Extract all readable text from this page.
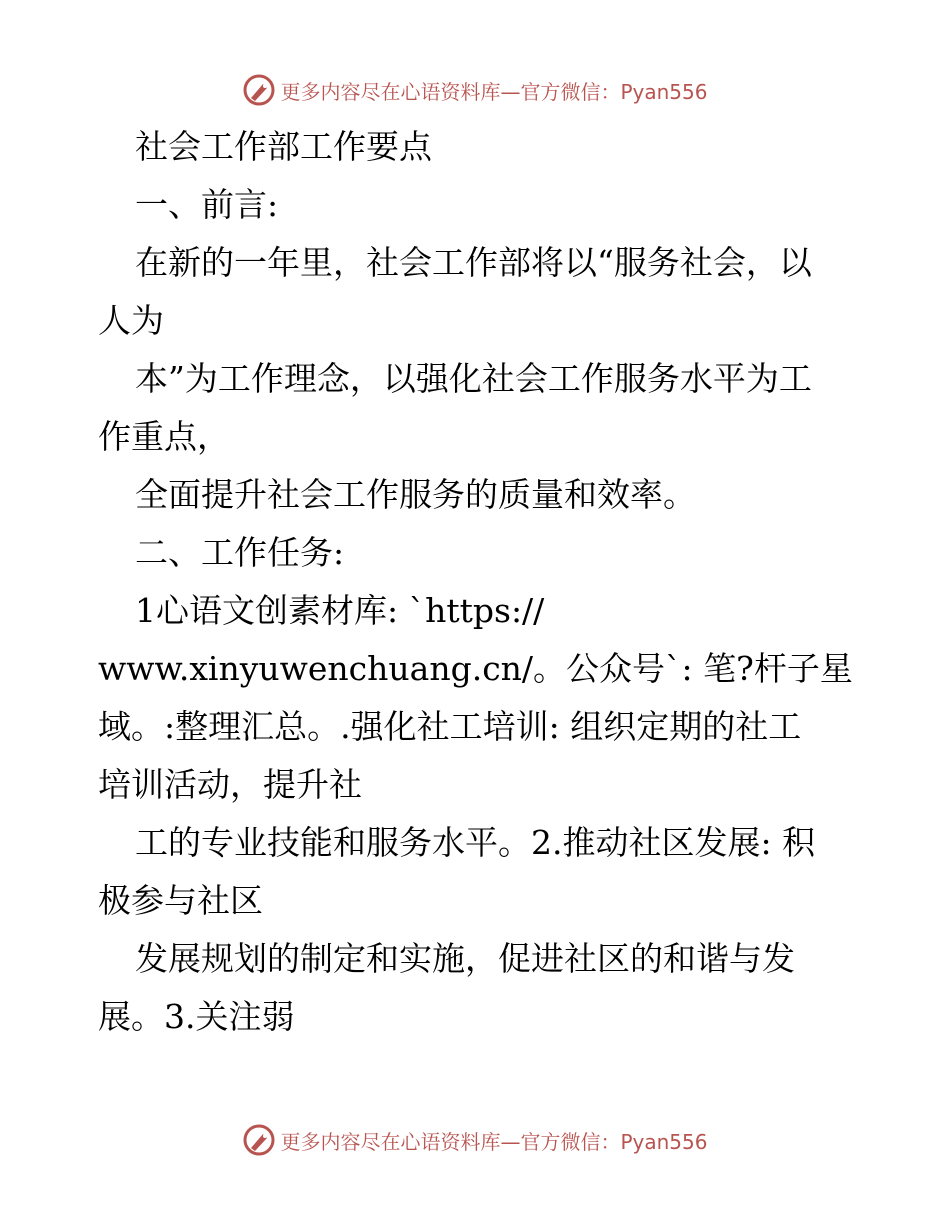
更多内容尽在心语资料库—官方微信：Pyan556
社会工作部工作要点
一、前言:
在新的一年里，社会工作部将以“服务社会，以
人为
本”为工作理念，以强化社会工作服务水平为工
作重点，
全面提升社会工作服务的质量和效率。
二、工作任务:
1心语文创素材库: `https://
www.xinyuwenchuang.cn/。公众号`: 笔?杆子星
域。:整理汇总。.强化社工培训: 组织定期的社工
培训活动，提升社
工的专业技能和服务水平。2.推动社区发展: 积
极参与社区
发展规划的制定和实施，促进社区的和谐与发
展。3.关注弱
更多内容尽在心语资料库—官方微信：Pyan556
